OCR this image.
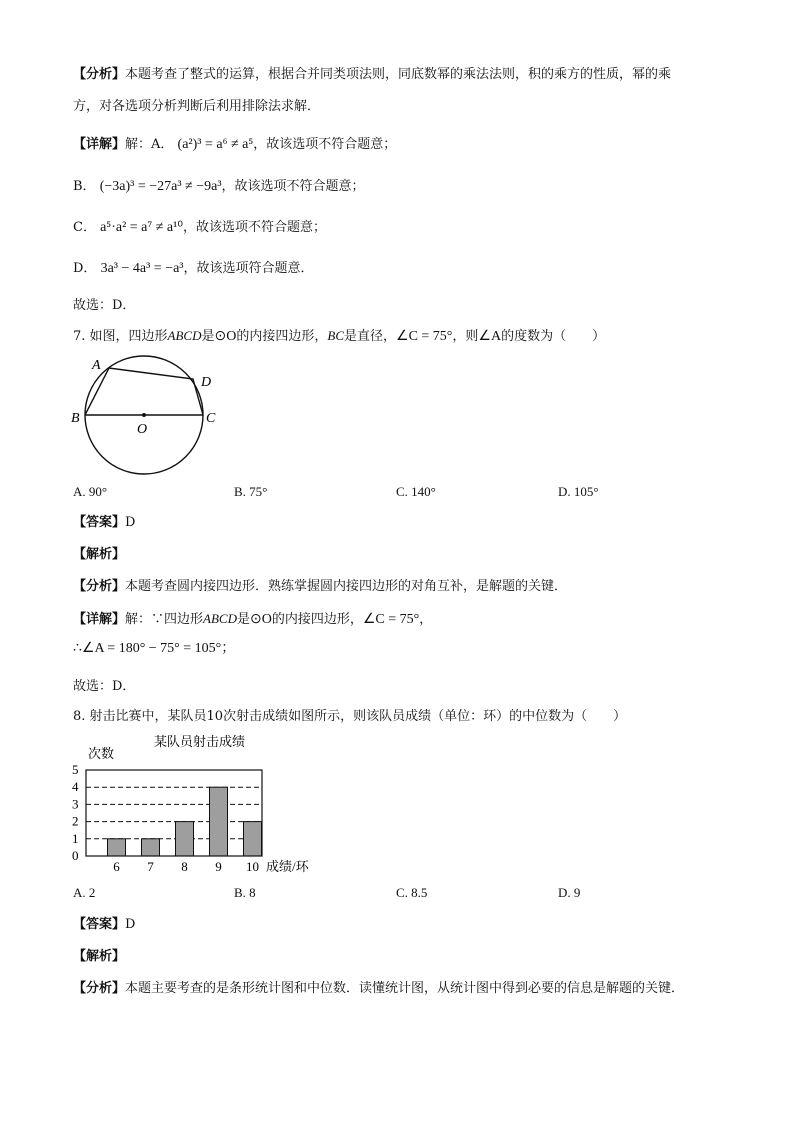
【分析】本题考查了整式的运算，根据合并同类项法则，同底数幂的乘法法则，积的乘方的性质，幂的乘
方，对各选项分析判断后利用排除法求解．
【详解】解：A． (a²)³ = a⁶ ≠ a⁵，故该选项不符合题意；
B． (−3a)³ = −27a³ ≠ −9a³，故该选项不符合题意；
C． a⁵·a² = a⁷ ≠ a¹⁰，故该选项不符合题意；
D． 3a³ − 4a³ = −a³，故该选项符合题意．
故选：D．
7. 如图，四边形ABCD是⊙O的内接四边形，BC是直径，∠C = 75°，则∠A的度数为（　　）
A
B	C
D
O
A. 90°	B. 75°	C. 140°	D. 105°
【答案】D
【解析】
【分析】本题考查圆内接四边形．熟练掌握圆内接四边形的对角互补，是解题的关键．
【详解】解：∵四边形ABCD是⊙O的内接四边形，∠C = 75°，
∴∠A = 180° − 75° = 105°；
故选：D．
8. 射击比赛中，某队员10次射击成绩如图所示，则该队员成绩（单位：环）的中位数为（　　）
某队员射击成绩
次数
成绩/环
0
1
2
3
4
5
6 7 8 9 10
A. 2	B. 8	C. 8.5	D. 9
【答案】D
【解析】
【分析】本题主要考查的是条形统计图和中位数．读懂统计图，从统计图中得到必要的信息是解题的关键．
